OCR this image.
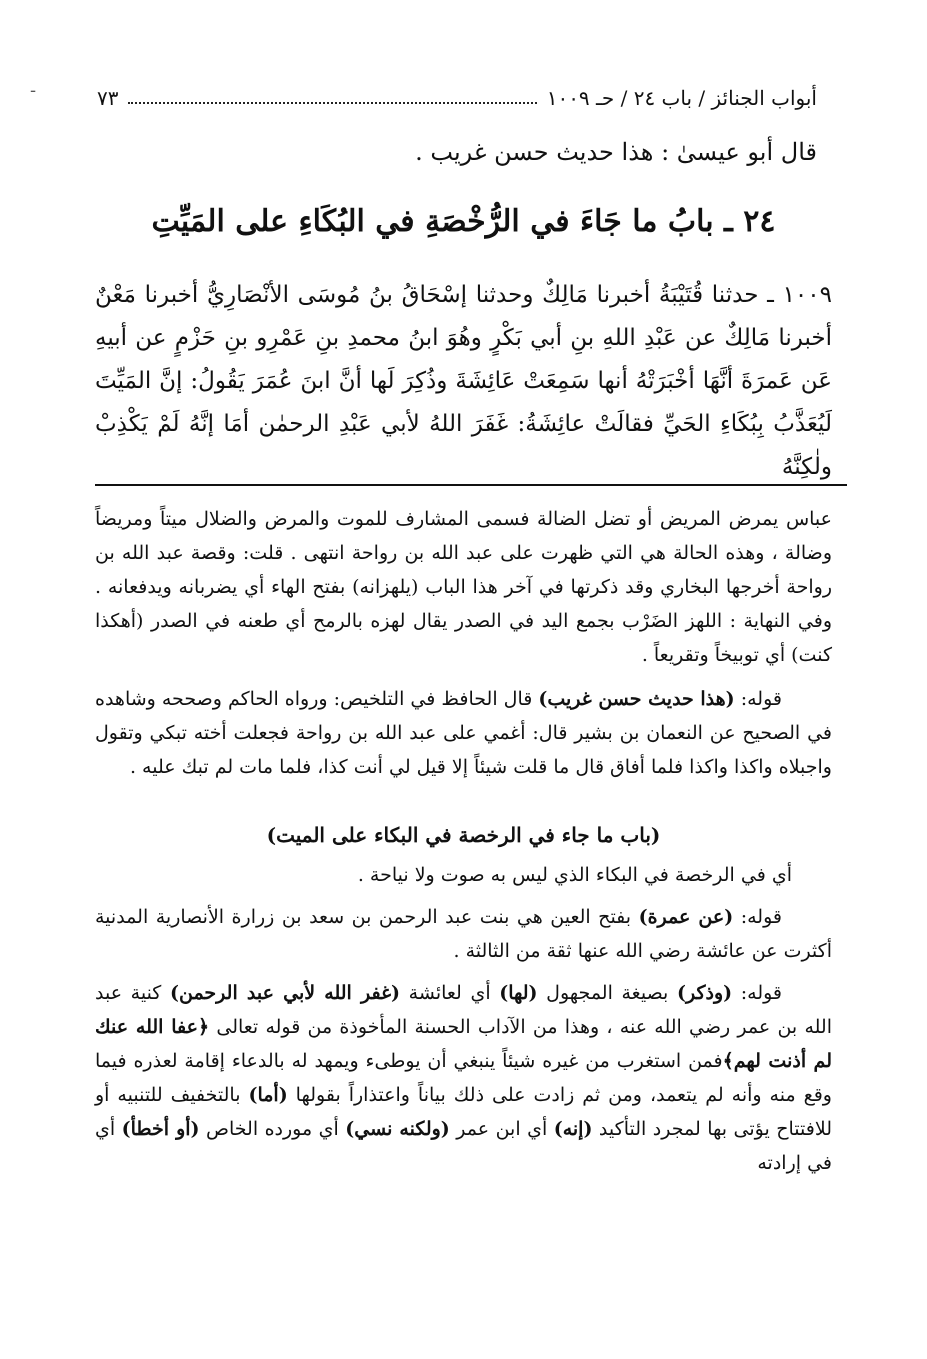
-	أبواب الجنائز / باب ٢٤ / حـ ١٠٠٩
٧٣
قال أبو عيسىٰ : هذا حديث حسن غريب .
٢٤ ـ بابُ ما جَاءَ في الرُّخْصَةِ في البُكَاءِ على المَيِّتِ
١٠٠٩ ـ حدثنا قُتَيْبَةُ أخبرنا مَالِكٌ وحدثنا إسْحَاقُ بنُ مُوسَى الأنْصَارِيُّ أخبرنا مَعْنٌ أخبرنا مَالِكٌ عن عَبْدِ اللهِ بنِ أبي بَكْرٍ وهُوَ ابنُ محمدِ بنِ عَمْرِو بنِ حَزْمٍ عن أبيهِ عَن عَمرَةَ أنَّهَا أخْبَرَتْهُ أنها سَمِعَتْ عَائِشَةَ وذُكِرَ لَها أنَّ ابنَ عُمَرَ يَقُولُ: إنَّ المَيِّتَ لَيُعَذَّبُ بِبُكَاءِ الحَيِّ فقالَتْ عائِشَةُ: غَفَرَ اللهُ لأبي عَبْدِ الرحمٰن أمَا إنَّهُ لَمْ يَكْذِبْ ولٰكِنَّهُ

عباس يمرض المريض أو تضل الضالة فسمى المشارف للموت والمرض والضلال ميتاً ومريضاً وضالة ، وهذه الحالة هي التي ظهرت على عبد الله بن رواحة انتهى . قلت: وقصة عبد الله بن رواحة أخرجها البخاري وقد ذكرتها في آخر هذا الباب (يلهزانه) بفتح الهاء أي يضربانه ويدفعانه . وفي النهاية : اللهز الضَرْب بجمع اليد في الصدر يقال لهزه بالرمح أي طعنه في الصدر (أهكذا كنت) أي توبيخاً وتقريعاً .

قوله: (هذا حديث حسن غريب) قال الحافظ في التلخيص: ورواه الحاكم وصححه وشاهده في الصحيح عن النعمان بن بشير قال: أغمي على عبد الله بن رواحة فجعلت أخته تبكي وتقول واجبلاه واكذا واكذا فلما أفاق قال ما قلت شيئاً إلا قيل لي أنت كذا، فلما مات لم تبك عليه .

(باب ما جاء في الرخصة في البكاء على الميت)

أي في الرخصة في البكاء الذي ليس به صوت ولا نياحة .

قوله: (عن عمرة) بفتح العين هي بنت عبد الرحمن بن سعد بن زرارة الأنصارية المدنية أكثرت عن عائشة رضي الله عنها ثقة من الثالثة .

قوله: (وذكر) بصيغة المجهول (لها) أي لعائشة (غفر الله لأبي عبد الرحمن) كنية عبد الله بن عمر رضي الله عنه ، وهذا من الآداب الحسنة المأخوذة من قوله تعالى ﴿عفا الله عنك لم أذنت لهم﴾فمن استغرب من غيره شيئاً ينبغي أن يوطىء ويمهد له بالدعاء إقامة لعذره فيما وقع منه وأنه لم يتعمد، ومن ثم زادت على ذلك بياناً واعتذاراً بقولها (أما) بالتخفيف للتنبيه أو للافتتاح يؤتى بها لمجرد التأكيد (إنه) أي ابن عمر (ولكنه نسي) أي مورده الخاص (أو أخطأ) أي في إرادته
